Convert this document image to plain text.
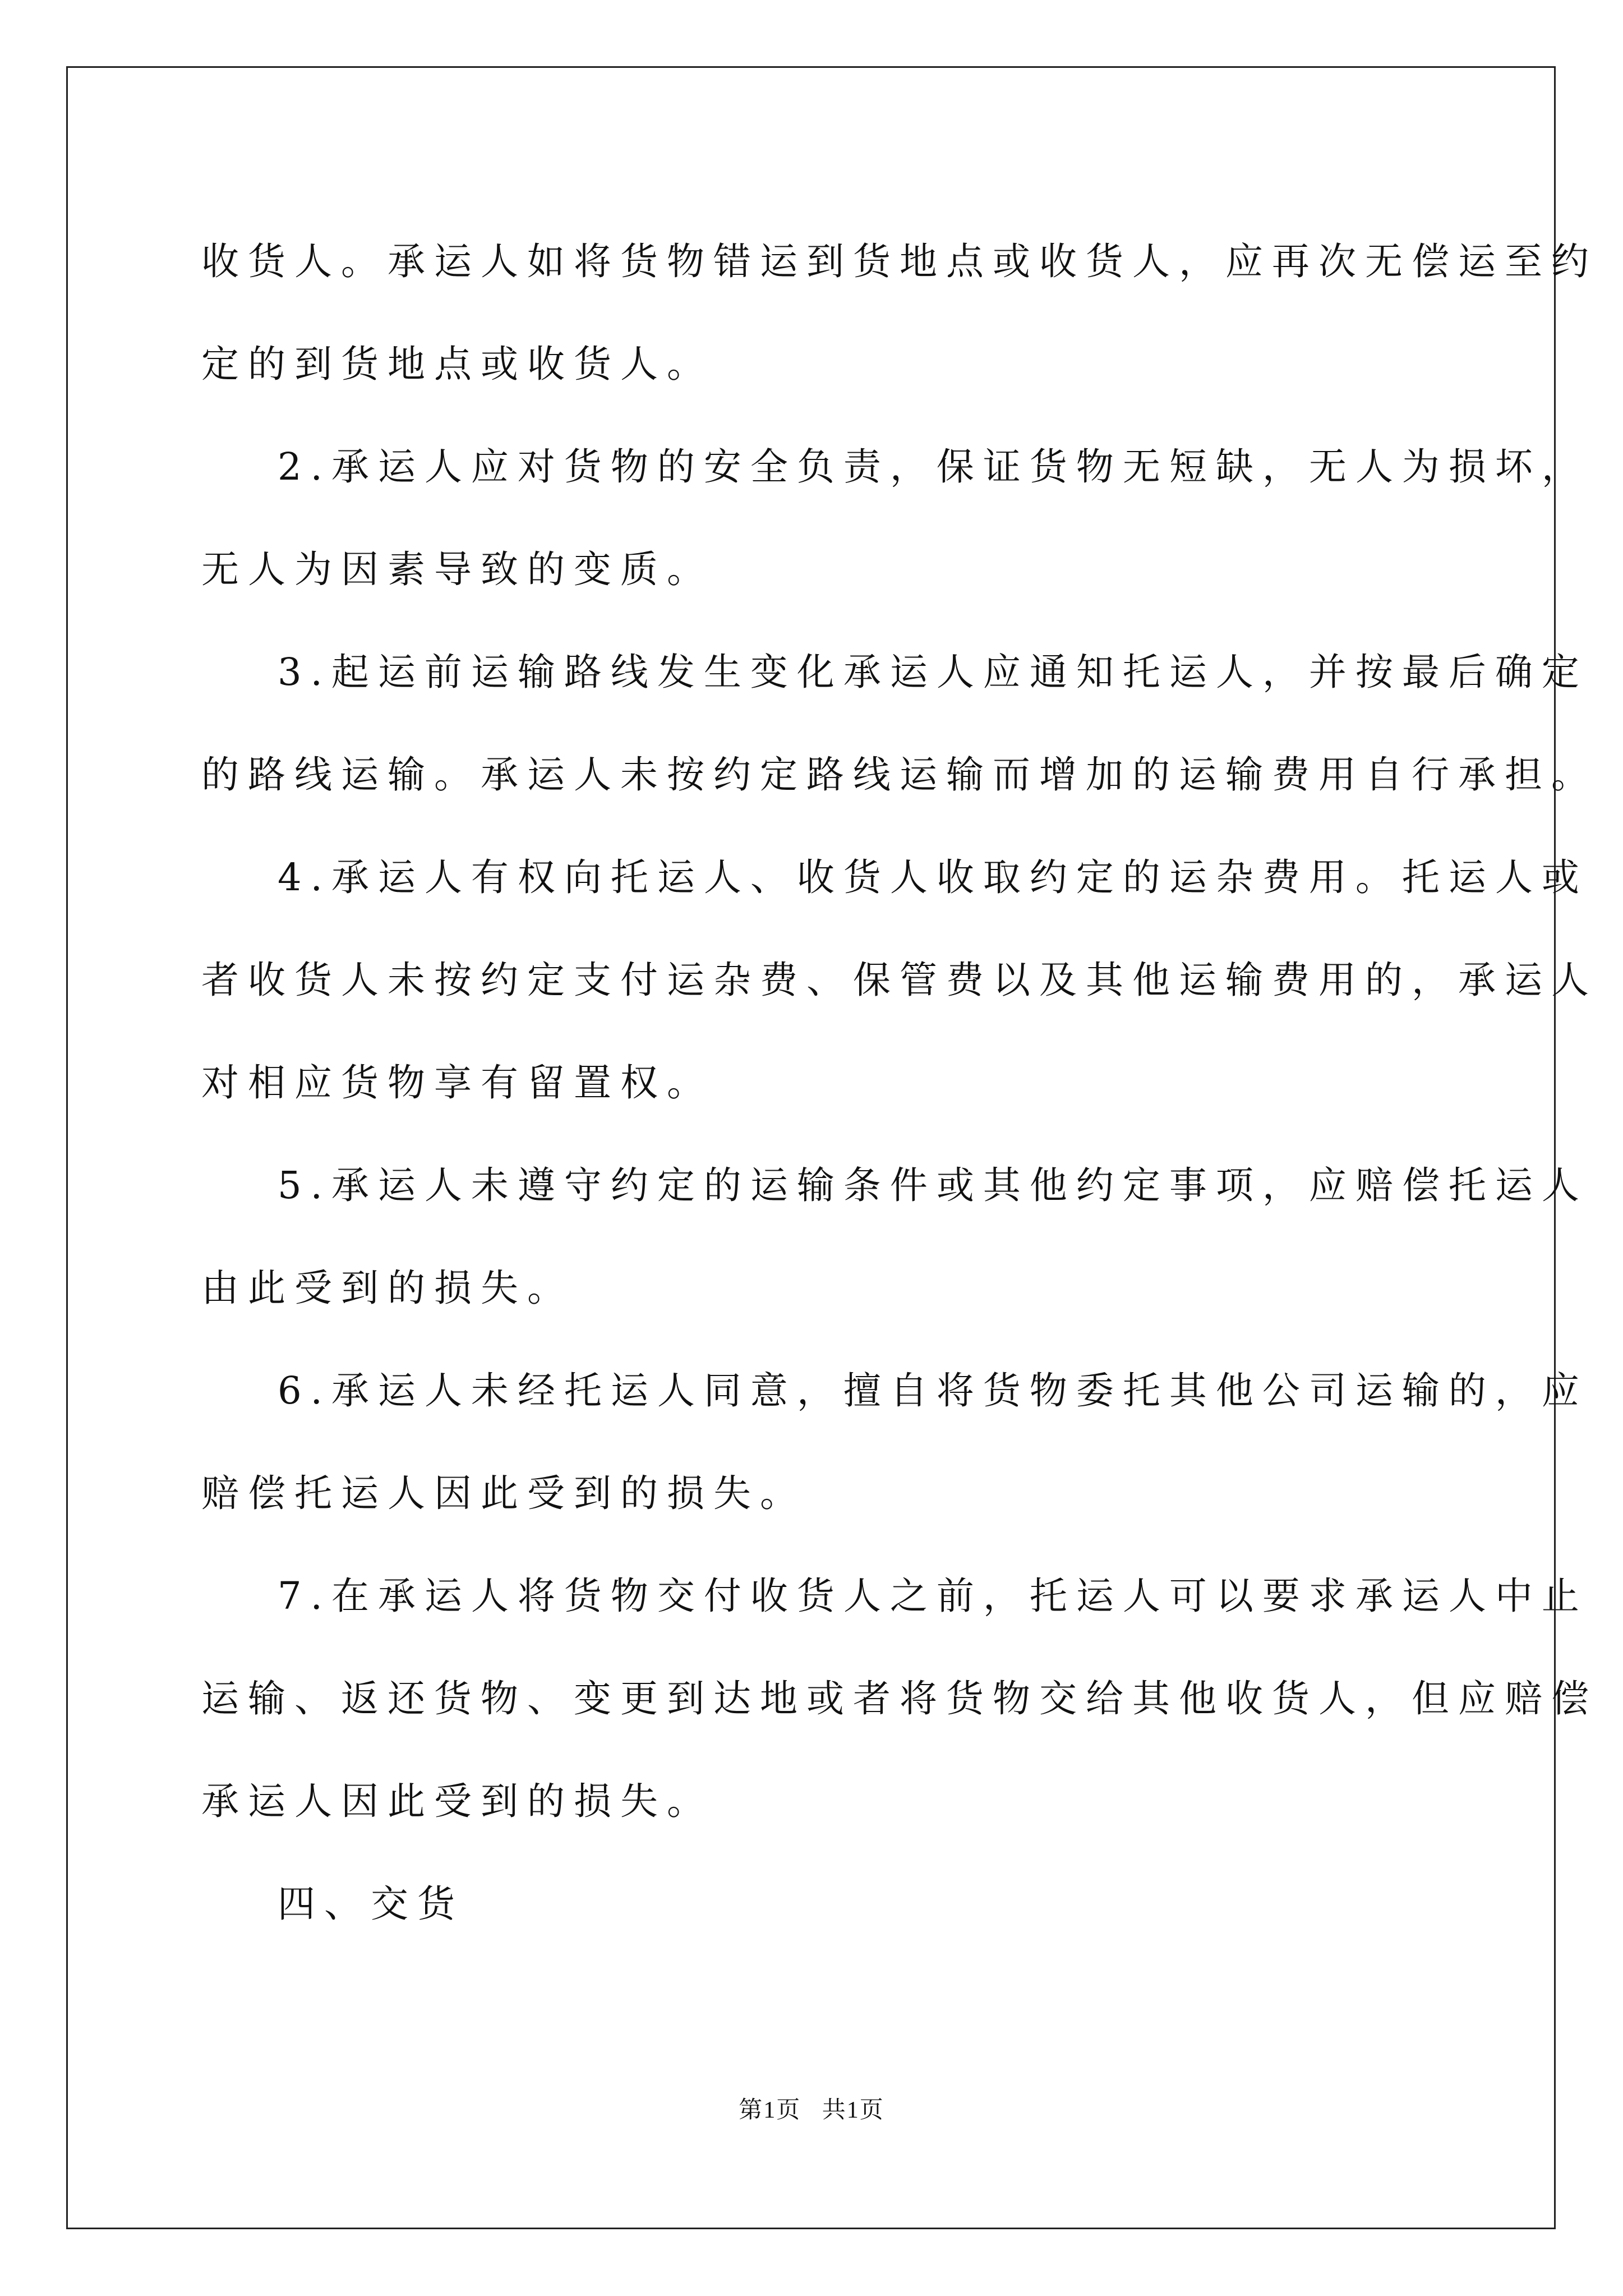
收货人。承运人如将货物错运到货地点或收货人，应再次无偿运至约
定的到货地点或收货人。

2.承运人应对货物的安全负责，保证货物无短缺，无人为损坏，
无人为因素导致的变质。

3.起运前运输路线发生变化承运人应通知托运人，并按最后确定
的路线运输。承运人未按约定路线运输而增加的运输费用自行承担。

4.承运人有权向托运人、收货人收取约定的运杂费用。托运人或
者收货人未按约定支付运杂费、保管费以及其他运输费用的，承运人
对相应货物享有留置权。

5.承运人未遵守约定的运输条件或其他约定事项，应赔偿托运人
由此受到的损失。

6.承运人未经托运人同意，擅自将货物委托其他公司运输的，应
赔偿托运人因此受到的损失。

7.在承运人将货物交付收货人之前，托运人可以要求承运人中止
运输、返还货物、变更到达地或者将货物交给其他收货人，但应赔偿
承运人因此受到的损失。

四、交货

第1页 共1页
